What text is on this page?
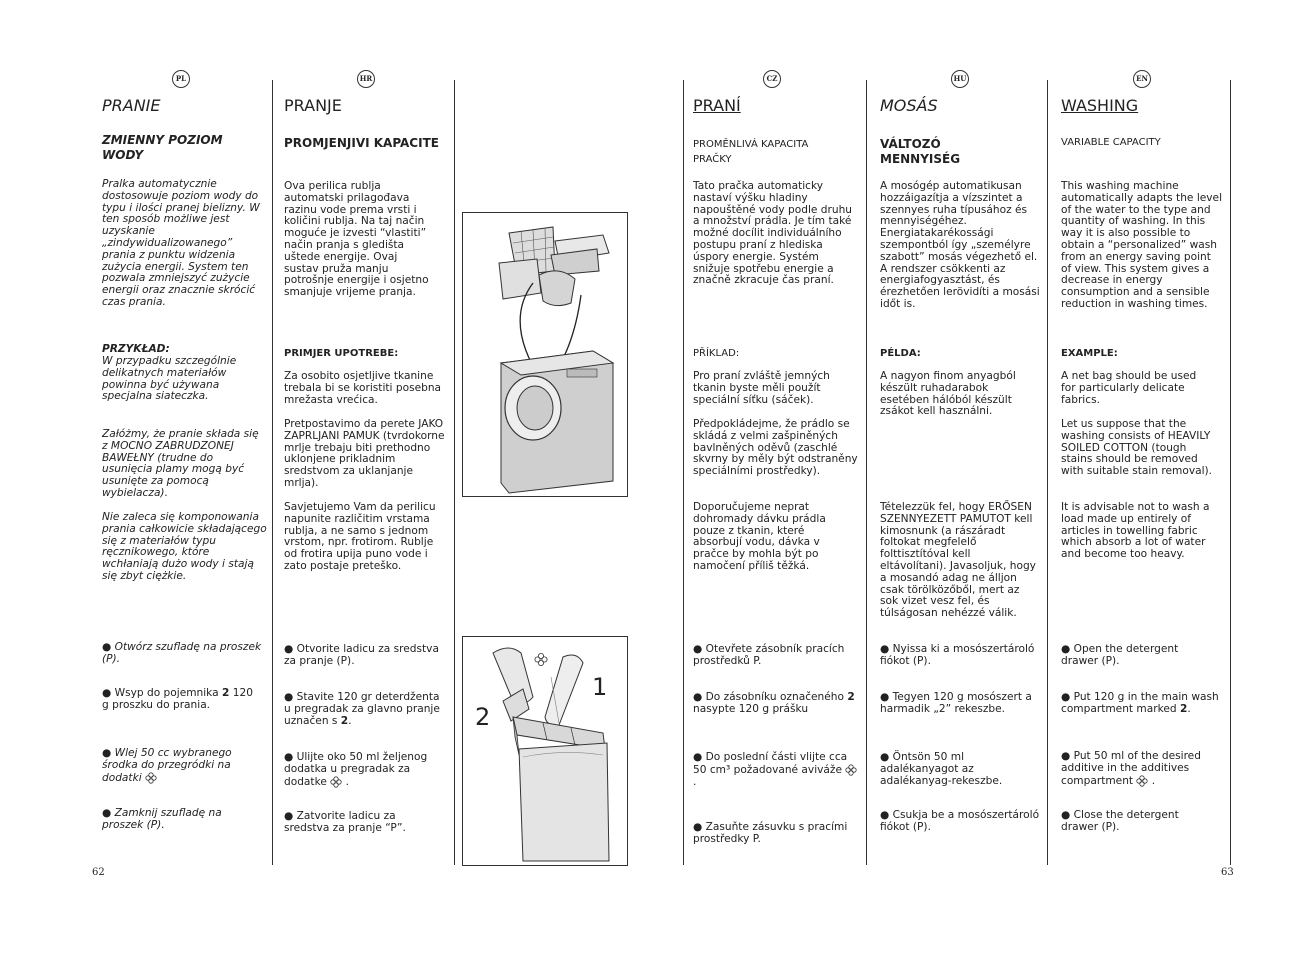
PL	HR	CZ	HU	EN
PRANIE
ZMIENNY POZIOM WODY
Pralka automatycznie dostosowuje poziom wody do typu i ilości pranej bielizny. W ten sposób możliwe jest uzyskanie „zindywidualizowanego” prania z punktu widzenia zużycia energii. System ten pozwala zmniejszyć zużycie energii oraz znacznie skrócić czas prania.
PRZYKŁAD:
W przypadku szczególnie delikatnych materiałów powinna być używana specjalna siateczka.
Załóżmy, że pranie składa się z MOCNO ZABRUDZONEJ BAWEŁNY (trudne do usunięcia plamy mogą być usunięte za pomocą wybielacza).
Nie zaleca się komponowania prania całkowicie składającego się z materiałów typu ręcznikowego, które wchłaniają dużo wody i stają się zbyt ciężkie.
● Otwórz szufladę na proszek (P).
● Wsyp do pojemnika 2 120 g proszku do prania.
● Wlej 50 cc wybranego środka do przegródki na dodatki
● Zamknij szufladę na proszek (P).
PRANJE
PROMJENJIVI KAPACITE
Ova perilica rublja automatski prilagođava razinu vode prema vrsti i količini rublja. Na taj način moguće je izvesti “vlastiti” način pranja s gledišta uštede energije. Ovaj sustav pruža manju potrošnje energije i osjetno smanjuje vrijeme pranja.
PRIMJER UPOTREBE:
Za osobito osjetljive tkanine trebala bi se koristiti posebna mrežasta vrećica.
Pretpostavimo da perete JAKO ZAPRLJANI PAMUK (tvrdokorne mrlje trebaju biti prethodno uklonjene prikladnim sredstvom za uklanjanje mrlja).
Savjetujemo Vam da perilicu napunite različitim vrstama rublja, a ne samo s jednom vrstom, npr. frotirom. Rublje od frotira upija puno vode i zato postaje preteško.
● Otvorite ladicu za sredstva za pranje (P).
● Stavite 120 gr deterdženta u pregradak za glavno pranje uznačen s 2.
● Ulijte oko 50 ml željenog dodatka u pregradak za dodatke  .
● Zatvorite ladicu za sredstva za pranje “P”.
1
2
PRANÍ
PROMĚNLIVÁ KAPACITA PRAČKY
Tato pračka automaticky nastaví výšku hladiny napouštěné vody podle druhu a množství prádla. Je tím také možné docílit individuálního postupu praní z hlediska úspory energie. Systém snižuje spotřebu energie a značně zkracuje čas praní.
PŘÍKLAD:
Pro praní zvláště jemných tkanin byste měli použít speciální síťku (sáček).
Předpokládejme, že prádlo se skládá z velmi zašpiněných bavlněných oděvů (zaschlé skvrny by měly být odstraněny speciálními prostředky).
Doporučujeme neprat dohromady dávku prádla pouze z tkanin, které absorbují vodu, dávka v pračce by mohla být po namočení příliš těžká.
● Otevřete zásobník pracích prostředků P.
● Do zásobníku označeného 2 nasypte 120 g prášku
● Do poslední části vlijte cca 50 cm³ požadované aviváže  .
● Zasuňte zásuvku s pracími prostředky P.
MOSÁS
VÁLTOZÓ MENNYISÉG
A mosógép automatikusan hozzáigazítja a vízszintet a szennyes ruha típusához és mennyiségéhez. Energiatakarékossági szempontból így „személyre szabott” mosás végezhető el. A rendszer csökkenti az energiafogyasztást, és érezhetően lerövidíti a mosási időt is.
PÉLDA:
A nagyon finom anyagból készült ruhadarabok esetében hálóból készült zsákot kell használni.
Tételezzük fel, hogy ERŐSEN SZENNYEZETT PAMUTOT kell kimosnunk (a rászáradt foltokat megfelelő folttisztítóval kell eltávolítani). Javasoljuk, hogy a mosandó adag ne álljon csak törölközőből, mert az sok vizet vesz fel, és túlságosan nehézzé válik.
● Nyissa ki a mosószertároló fiókot (P).
● Tegyen 120 g mosószert a harmadik „2” rekeszbe.
● Öntsön 50 ml adalékanyagot az adalékanyag-rekeszbe.
● Csukja be a mosószertároló fiókot (P).
WASHING
VARIABLE CAPACITY
This washing machine automatically adapts the level of the water to the type and quantity of washing. In this way it is also possible to obtain a “personalized” wash from an energy saving point of view. This system gives a decrease in energy consumption and a sensible reduction in washing times.
EXAMPLE:
A net bag should be used for particularly delicate fabrics.
Let us suppose that the washing consists of HEAVILY SOILED COTTON (tough stains should be removed with suitable stain removal).
It is advisable not to wash a load made up entirely of articles in towelling fabric which absorb a lot of water and become too heavy.
● Open the detergent drawer (P).
● Put 120 g in the main wash compartment marked 2.
● Put 50 ml of the desired additive in the additives compartment  .
● Close the detergent drawer (P).
62	63
